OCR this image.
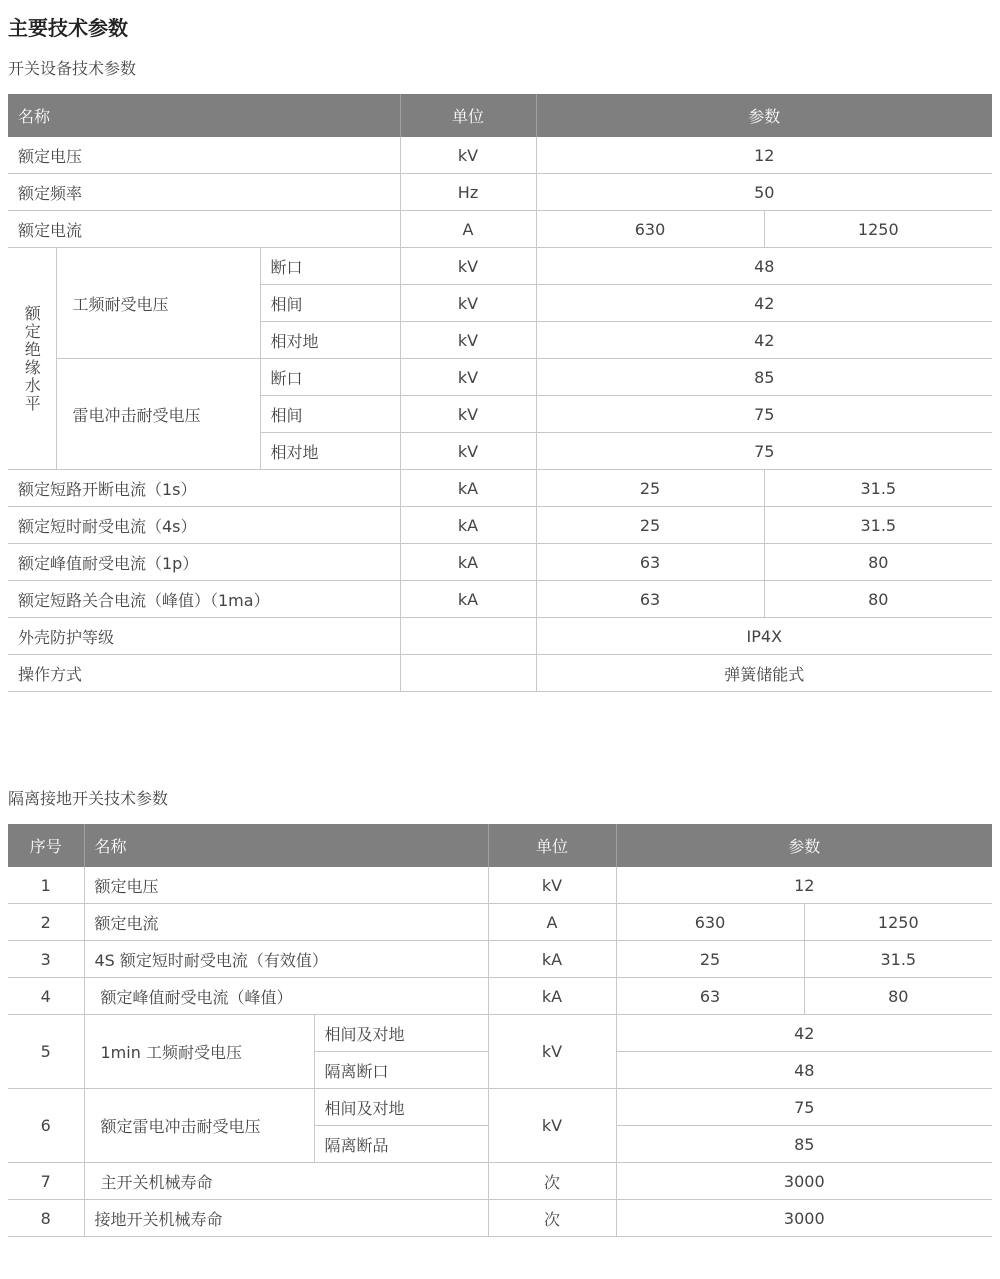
主要技术参数
开关设备技术参数
名称			单位	参数	
额定电压			kV	12	
额定频率			Hz	50	
额定电流			A	630	1250
额定绝缘水平	工频耐受电压	断口	kV	48	
		相间	kV	42	
		相对地	kV	42	
	雷电冲击耐受电压	断口	kV	85	
		相间	kV	75	
		相对地	kV	75	
额定短路开断电流（1s）			kA	25	31.5
额定短时耐受电流（4s）			kA	25	31.5
额定峰值耐受电流（1p）			kA	63	80
额定短路关合电流（峰值）（1ma）			kA	63	80
外壳防护等级				IP4X	
操作方式				弹簧储能式	
隔离接地开关技术参数
序号	名称		单位	参数	
1	额定电压		kV	12	
2	额定电流		A	630	1250
3	4S 额定短时耐受电流（有效值）		kA	25	31.5
4	额定峰值耐受电流（峰值）		kA	63	80
5	1min 工频耐受电压	相间及对地	kV	42	
		隔离断口		48	
6	额定雷电冲击耐受电压	相间及对地	kV	75	
		隔离断品		85	
7	主开关机械寿命		次	3000	
8	接地开关机械寿命		次	3000	
